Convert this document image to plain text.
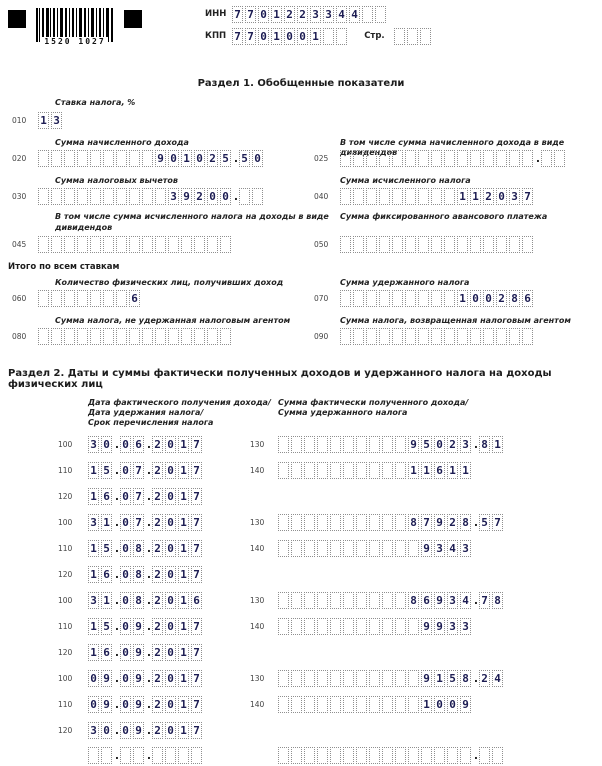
1520 1027
ИНН 7 7 0 1 2 2 3 3 4 4
КПП 7 7 0 1 0 0 1	Стр.
Раздел 1. Обобщенные показатели
Ставка налога, %
010	1 3
Сумма начисленного дохода	В том числе сумма начисленного дохода в виде дивидендов
020	9 0 1 0 2 5 . 5 0	025	.
Сумма налоговых вычетов	Сумма исчисленного налога
030	3 9 2 0 0 .	040	1 1 2 0 3 7
В том числе сумма исчисленного налога на доходы в виде
дивидендов
Сумма фиксированного авансового платежа
045	050
Итого по всем ставкам
Количество физических лиц, получивших доход	Сумма удержанного налога
060	6	070	1 0 0 2 8 6
Сумма налога, не удержанная налоговым агентом	Сумма налога, возвращенная налоговым агентом
080	090
Раздел 2. Даты и суммы фактически полученных доходов и удержанного налога на доходы физических лиц
Дата фактического получения дохода/
Дата удержания налога/
Срок перечисления налога
Сумма фактически полученного дохода/
Сумма удержанного налога
100	3 0 . 0 6 . 2 0 1 7	130	9 5 0 2 3 . 8 1
110	1 5 . 0 7 . 2 0 1 7	140	1 1 6 1 1
120	1 6 . 0 7 . 2 0 1 7
100	3 1 . 0 7 . 2 0 1 7	130	8 7 9 2 8 . 5 7
110	1 5 . 0 8 . 2 0 1 7	140	9 3 4 3
120	1 6 . 0 8 . 2 0 1 7
100	3 1 . 0 8 . 2 0 1 6	130	8 6 9 3 4 . 7 8
110	1 5 . 0 9 . 2 0 1 7	140	9 9 3 3
120	1 6 . 0 9 . 2 0 1 7
100	0 9 . 0 9 . 2 0 1 7	130	9 1 5 8 . 2 4
110	0 9 . 0 9 . 2 0 1 7	140	1 0 0 9
120	3 0 . 0 9 . 2 0 1 7
.	.	.
